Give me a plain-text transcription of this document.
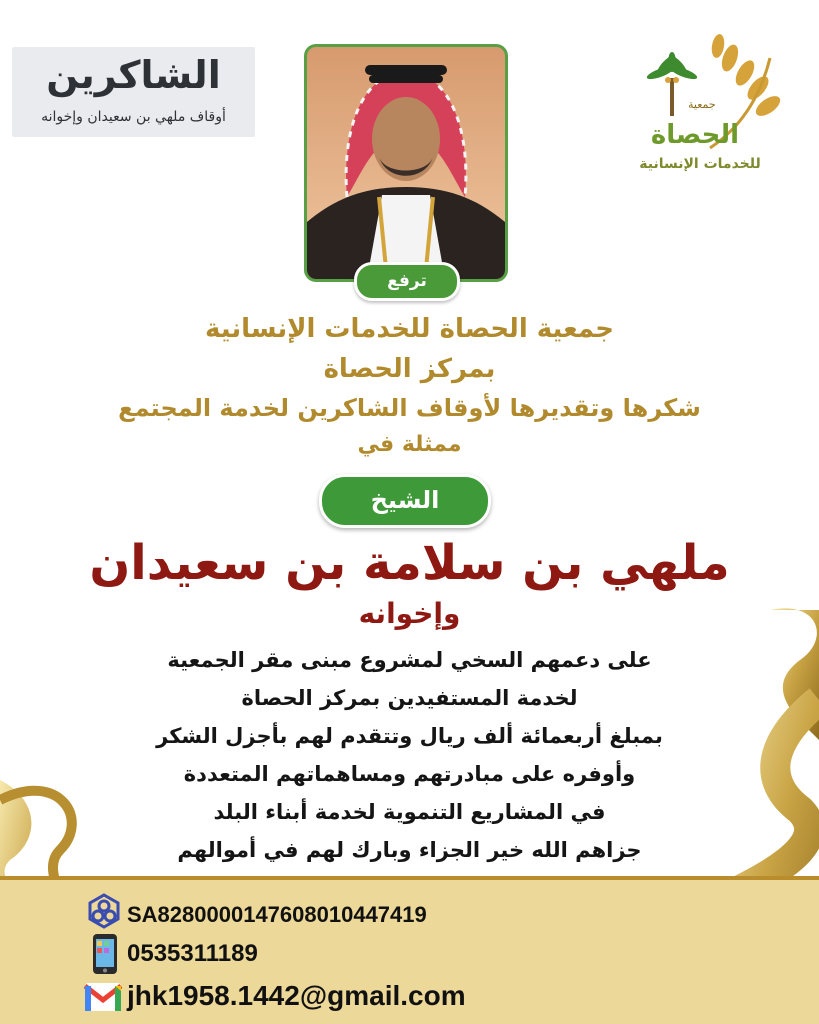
الشاكرين
أوقاف ملهي بن سعيدان وإخوانه
جمعية
الحصاة
للخدمات الإنسانية
ترفع
جمعية الحصاة للخدمات الإنسانية
بمركز الحصاة
شكرها وتقديرها لأوقاف الشاكرين لخدمة المجتمع
ممثلة في
الشيخ
ملهي بن سلامة بن سعيدان
وإخوانه
على دعمهم السخي لمشروع مبنى مقر الجمعية
لخدمة المستفيدين بمركز الحصاة
بمبلغ أربعمائة ألف ريال وتتقدم لهم بأجزل الشكر
وأوفره على مبادرتهم ومساهماتهم المتعددة
في المشاريع التنموية لخدمة أبناء البلد
جزاهم الله خير الجزاء وبارك لهم في أموالهم
SA8280000147608010447419
0535311189
jhk1958.1442@gmail.com
